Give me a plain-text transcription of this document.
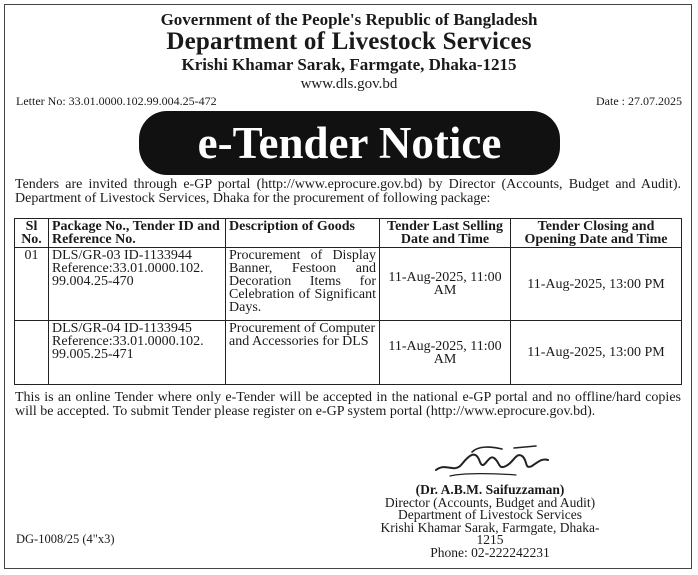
Government of the People's Republic of Bangladesh
Department of Livestock Services
Krishi Khamar Sarak, Farmgate, Dhaka-1215
www.dls.gov.bd
Letter No: 33.01.0000.102.99.004.25-472	Date : 27.07.2025
e-Tender Notice
Tenders are invited through e-GP portal (http://www.eprocure.gov.bd) by Director (Accounts, Budget and Audit). Department of Livestock Services, Dhaka for the procurement of following package:
Sl No.	Package No., Tender ID and Reference No.	Description of Goods	Tender Last Selling Date and Time	Tender Closing and Opening Date and Time
01	DLS/GR-03 ID-1133944 Reference:33.01.0000.102. 99.004.25-470	Procurement of Display Banner, Festoon and Decoration Items for Celebration of Significant Days.	11-Aug-2025, 11:00 AM	11-Aug-2025, 13:00 PM
	DLS/GR-04 ID-1133945 Reference:33.01.0000.102. 99.005.25-471	Procurement of Computer and Accessories for DLS	11-Aug-2025, 11:00 AM	11-Aug-2025, 13:00 PM
This is an online Tender where only e-Tender will be accepted in the national e-GP portal and no offline/hard copies will be accepted. To submit Tender please register on e-GP system portal (http://www.eprocure.gov.bd).
(Dr. A.B.M. Saifuzzaman)
Director (Accounts, Budget and Audit)
Department of Livestock Services
Krishi Khamar Sarak, Farmgate, Dhaka-1215
Phone: 02-222242231
DG-1008/25 (4"x3)
